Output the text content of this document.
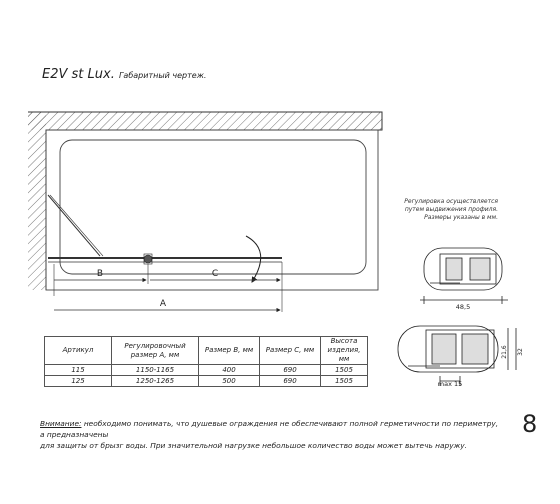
E2V st Lux. Габаритный чертеж.
B	C
A	48,5
21,6 32
max 15
Регулировка осуществляется
путем выдвижения профиля.
Размеры указаны в мм.
Артикул	Регулировочный
размер А, мм	Размер В, мм	Размер С, мм	Высота
изделия,
мм
115	1150-1165	400	690	1505
125	1250-1265	500	690	1505
Внимание: необходимо понимать, что душевые ограждения не обеспечивают полной герметичности по периметру, а предназначены
для защиты от брызг воды. При значительной нагрузке небольшое количество воды может вытечь наружу.
8
